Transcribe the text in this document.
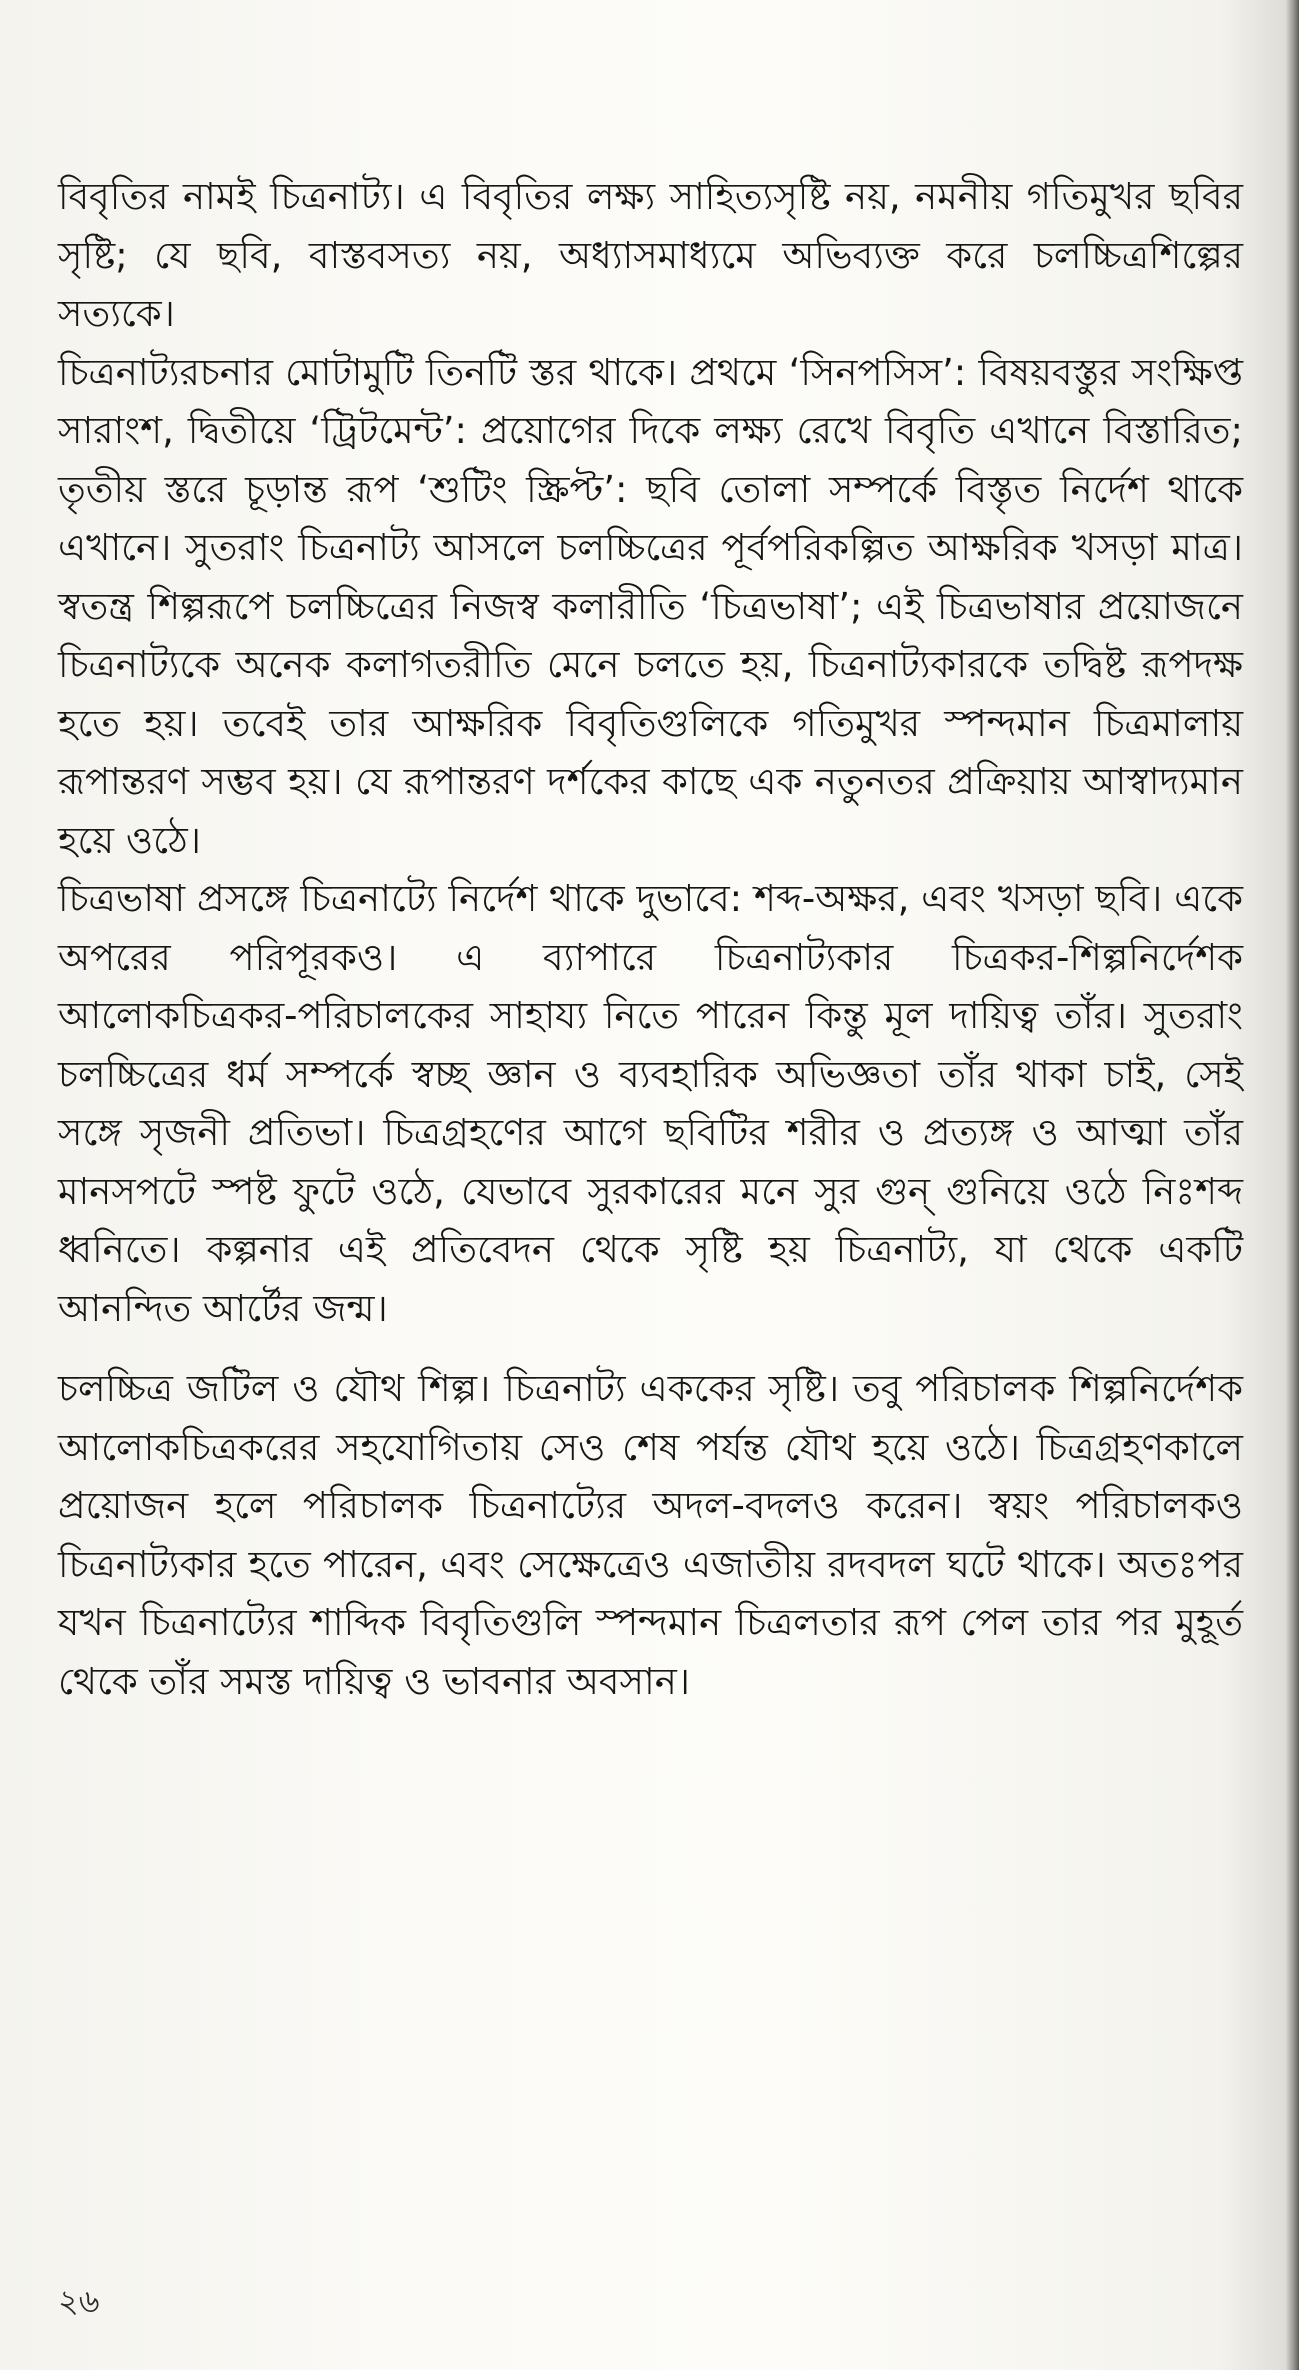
বিবৃতির নামই চিত্রনাট্য। এ বিবৃতির লক্ষ্য সাহিত্যসৃষ্টি নয়, নমনীয় গতিমুখর ছবির সৃষ্টি; যে ছবি, বাস্তবসত্য নয়, অধ্যাসমাধ্যমে অভিব্যক্ত করে চলচ্চিত্রশিল্পের সত্যকে।

চিত্রনাট্যরচনার মোটামুটি তিনটি স্তর থাকে। প্রথমে ‘সিনপসিস’: বিষয়বস্তুর সংক্ষিপ্ত সারাংশ, দ্বিতীয়ে ‘ট্রিটমেন্ট’: প্রয়োগের দিকে লক্ষ্য রেখে বিবৃতি এখানে বিস্তারিত; তৃতীয় স্তরে চূড়ান্ত রূপ ‘শুটিং স্ক্রিপ্ট’: ছবি তোলা সম্পর্কে বিস্তৃত নির্দেশ থাকে এখানে। সুতরাং চিত্রনাট্য আসলে চলচ্চিত্রের পূর্বপরিকল্পিত আক্ষরিক খসড়া মাত্র। স্বতন্ত্র শিল্পরূপে চলচ্চিত্রের নিজস্ব কলারীতি ‘চিত্রভাষা’; এই চিত্রভাষার প্রয়োজনে চিত্রনাট্যকে অনেক কলাগতরীতি মেনে চলতে হয়, চিত্রনাট্যকারকে তদ্বিষ্ট রূপদক্ষ হতে হয়। তবেই তার আক্ষরিক বিবৃতিগুলিকে গতিমুখর স্পন্দমান চিত্রমালায় রূপান্তরণ সম্ভব হয়। যে রূপান্তরণ দর্শকের কাছে এক নতুনতর প্রক্রিয়ায় আস্বাদ্যমান হয়ে ওঠে।

চিত্রভাষা প্রসঙ্গে চিত্রনাট্যে নির্দেশ থাকে দুভাবে: শব্দ-অক্ষর, এবং খসড়া ছবি। একে অপরের পরিপূরকও। এ ব্যাপারে চিত্রনাট্যকার চিত্রকর-শিল্পনির্দেশক আলোকচিত্রকর-পরিচালকের সাহায্য নিতে পারেন কিন্তু মূল দায়িত্ব তাঁর। সুতরাং চলচ্চিত্রের ধর্ম সম্পর্কে স্বচ্ছ জ্ঞান ও ব্যবহারিক অভিজ্ঞতা তাঁর থাকা চাই, সেই সঙ্গে সৃজনী প্রতিভা। চিত্রগ্রহণের আগে ছবিটির শরীর ও প্রত্যঙ্গ ও আত্মা তাঁর মানসপটে স্পষ্ট ফুটে ওঠে, যেভাবে সুরকারের মনে সুর গুন্ গুনিয়ে ওঠে নিঃশব্দ ধ্বনিতে। কল্পনার এই প্রতিবেদন থেকে সৃষ্টি হয় চিত্রনাট্য, যা থেকে একটি আনন্দিত আর্টের জন্ম।

চলচ্চিত্র জটিল ও যৌথ শিল্প। চিত্রনাট্য এককের সৃষ্টি। তবু পরিচালক শিল্পনির্দেশক আলোকচিত্রকরের সহযোগিতায় সেও শেষ পর্যন্ত যৌথ হয়ে ওঠে। চিত্রগ্রহণকালে প্রয়োজন হলে পরিচালক চিত্রনাট্যের অদল-বদলও করেন। স্বয়ং পরিচালকও চিত্রনাট্যকার হতে পারেন, এবং সেক্ষেত্রেও এজাতীয় রদবদল ঘটে থাকে। অতঃপর যখন চিত্রনাট্যের শাব্দিক বিবৃতিগুলি স্পন্দমান চিত্রলতার রূপ পেল তার পর মুহূর্ত থেকে তাঁর সমস্ত দায়িত্ব ও ভাবনার অবসান।

২৬
